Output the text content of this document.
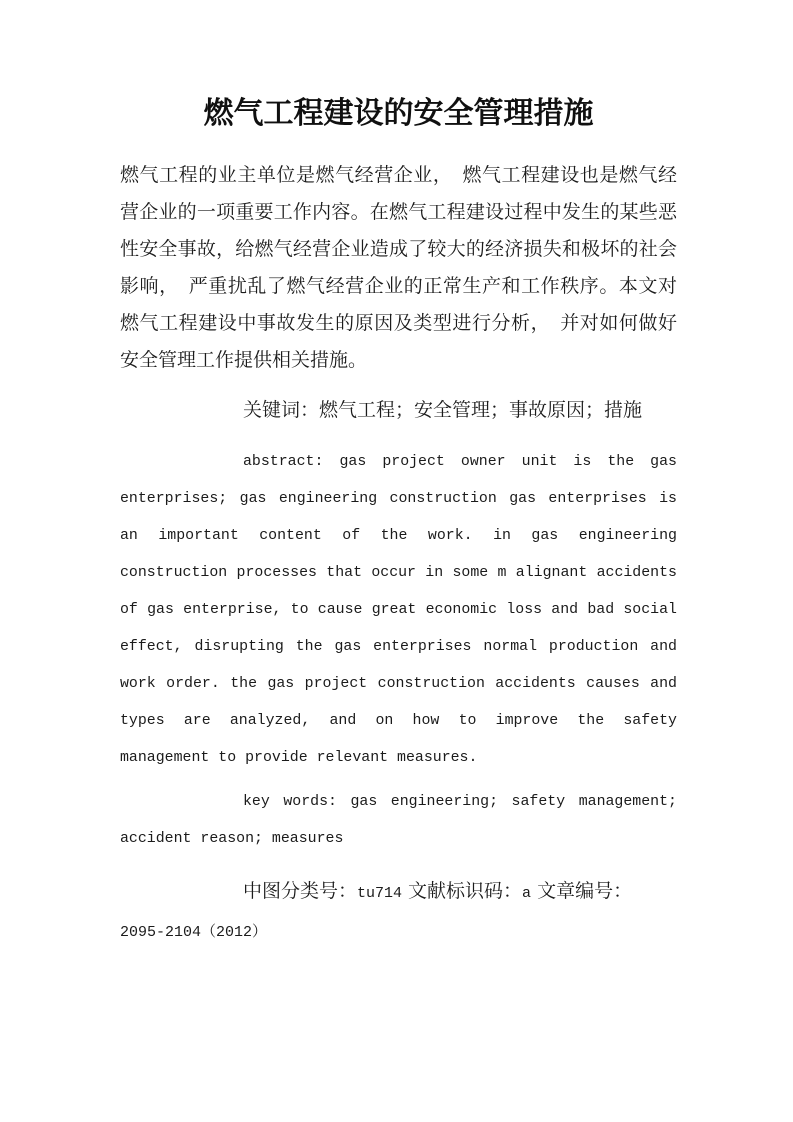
燃气工程建设的安全管理措施

燃气工程的业主单位是燃气经营企业，　燃气工程建设也是燃气经营企业的一项重要工作内容。在燃气工程建设过程中发生的某些恶性安全事故，给燃气经营企业造成了较大的经济损失和极坏的社会影响，　严重扰乱了燃气经营企业的正常生产和工作秩序。本文对燃气工程建设中事故发生的原因及类型进行分析，　并对如何做好安全管理工作提供相关措施。

关键词：燃气工程；安全管理；事故原因；措施

abstract: gas project owner unit is the gas enterprises; gas engineering construction gas enterprises is an important content of the work. in gas engineering construction processes that occur in some m alignant accidents of gas enterprise, to cause great economic loss and bad social effect, disrupting the gas enterprises normal production and work order. the gas project construction accidents causes and types are analyzed, and on how to improve the safety management to provide relevant measures.

key words: gas engineering; safety management; accident reason; measures

中图分类号：tu714 文献标识码：a 文章编号：2095-2104（2012）
